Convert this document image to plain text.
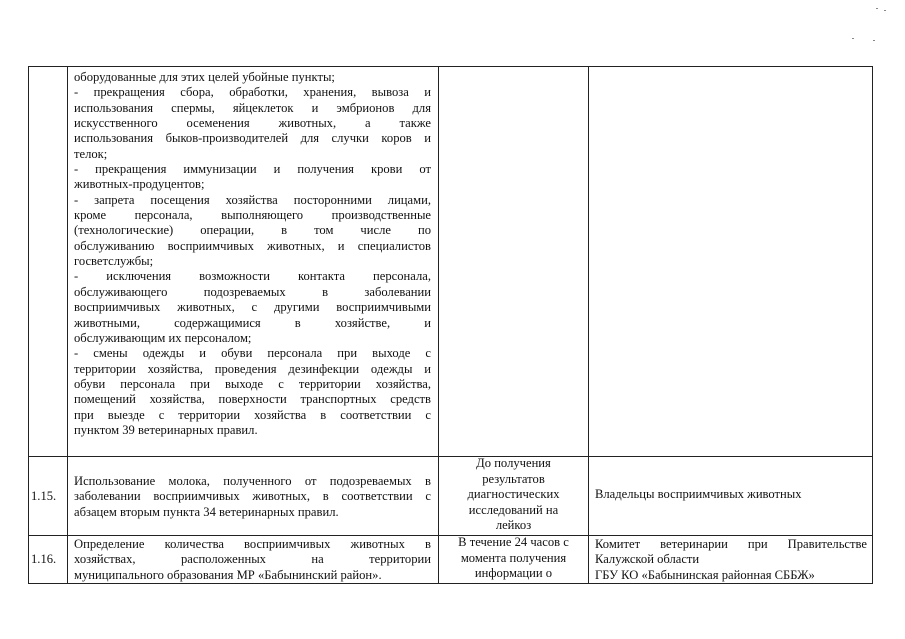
оборудованные для этих целей убойные пункты;
- прекращения сбора, обработки, хранения, вывоза и
использования спермы, яйцеклеток и эмбрионов для
искусственного осеменения животных, а также
использования быков-производителей для случки коров и
телок;
- прекращения иммунизации и получения крови от
животных-продуцентов;
- запрета посещения хозяйства посторонними лицами,
кроме персонала, выполняющего производственные
(технологические) операции, в том числе по
обслуживанию восприимчивых животных, и специалистов
госветслужбы;
- исключения возможности контакта персонала,
обслуживающего подозреваемых в заболевании
восприимчивых животных, с другими восприимчивыми
животными, содержащимися в хозяйстве, и
обслуживающим их персоналом;
- смены одежды и обуви персонала при выходе с
территории хозяйства, проведения дезинфекции одежды и
обуви персонала при выходе с территории хозяйства,
помещений хозяйства, поверхности транспортных средств
при выезде с территории хозяйства в соответствии с
пунктом 39 ветеринарных правил.
1.15.
Использование молока, полученного от подозреваемых в
заболевании восприимчивых животных, в соответствии с
абзацем вторым пункта 34 ветеринарных правил.
До получения
результатов
диагностических
исследований на
лейкоз
Владельцы восприимчивых животных
1.16.
Определение количества восприимчивых животных в
хозяйствах, расположенных на территории
муниципального образования МР «Бабынинский район».
В течение 24 часов с
момента получения
информации о
Комитет ветеринарии при Правительстве
Калужской области
ГБУ КО «Бабынинская районная СББЖ»
